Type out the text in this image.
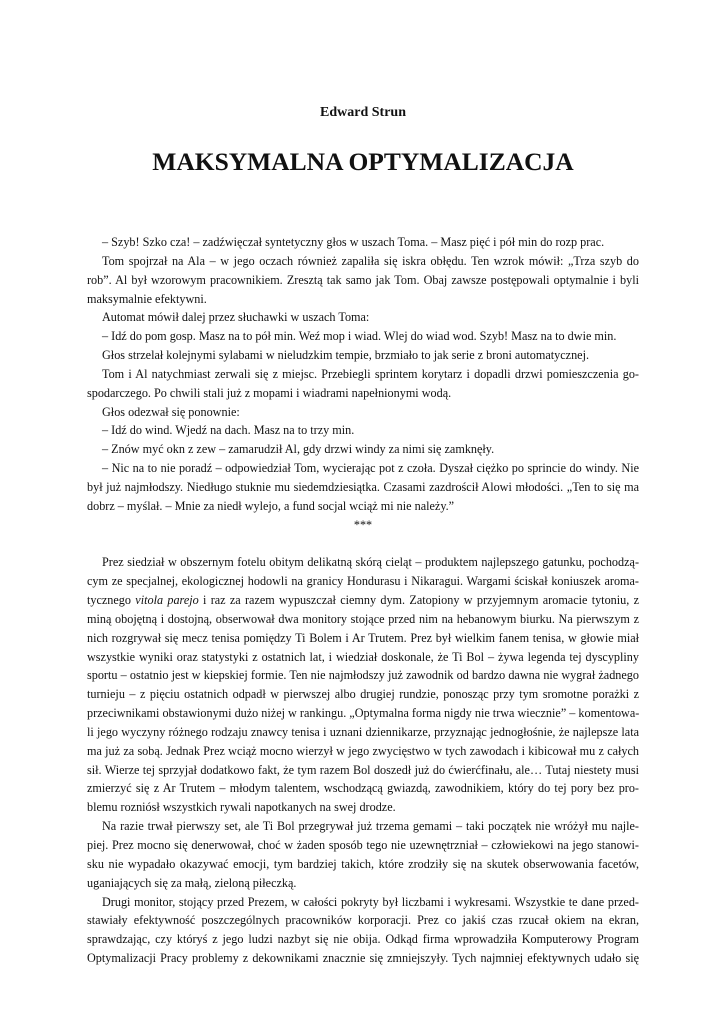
Edward Strun
MAKSYMALNA OPTYMALIZACJA
– Szyb! Szko cza! – zadźwięczał syntetyczny głos w uszach Toma. – Masz pięć i pół min do rozp prac.
Tom spojrzał na Ala – w jego oczach również zapaliła się iskra obłędu. Ten wzrok mówił: „Trza szyb do
rob”. Al był wzorowym pracownikiem. Zresztą tak samo jak Tom. Obaj zawsze postępowali optymalnie i byli
maksymalnie efektywni.
Automat mówił dalej przez słuchawki w uszach Toma:
– Idź do pom gosp. Masz na to pół min. Weź mop i wiad. Wlej do wiad wod. Szyb! Masz na to dwie min.
Głos strzelał kolejnymi sylabami w nieludzkim tempie, brzmiało to jak serie z broni automatycznej.
Tom i Al natychmiast zerwali się z miejsc. Przebiegli sprintem korytarz i dopadli drzwi pomieszczenia go-
spodarczego. Po chwili stali już z mopami i wiadrami napełnionymi wodą.
Głos odezwał się ponownie:
– Idź do wind. Wjedź na dach. Masz na to trzy min.
– Znów myć okn z zew – zamarudził Al, gdy drzwi windy za nimi się zamknęły.
– Nic na to nie poradź – odpowiedział Tom, wycierając pot z czoła. Dyszał ciężko po sprincie do windy. Nie
był już najmłodszy. Niedługo stuknie mu siedemdziesiątka. Czasami zazdrościł Alowi młodości. „Ten to się ma
dobrz – myślał. – Mnie za niedł wylejo, a fund socjal wciąż mi nie należy.”
***
Prez siedział w obszernym fotelu obitym delikatną skórą cieląt – produktem najlepszego gatunku, pochodzą-
cym ze specjalnej, ekologicznej hodowli na granicy Hondurasu i Nikaragui. Wargami ściskał koniuszek aroma-
tycznego vitola parejo i raz za razem wypuszczał ciemny dym. Zatopiony w przyjemnym aromacie tytoniu, z
miną obojętną i dostojną, obserwował dwa monitory stojące przed nim na hebanowym biurku. Na pierwszym z
nich rozgrywał się mecz tenisa pomiędzy Ti Bolem i Ar Trutem. Prez był wielkim fanem tenisa, w głowie miał
wszystkie wyniki oraz statystyki z ostatnich lat, i wiedział doskonale, że Ti Bol – żywa legenda tej dyscypliny
sportu – ostatnio jest w kiepskiej formie. Ten nie najmłodszy już zawodnik od bardzo dawna nie wygrał żadnego
turnieju – z pięciu ostatnich odpadł w pierwszej albo drugiej rundzie, ponosząc przy tym sromotne porażki z
przeciwnikami obstawionymi dużo niżej w rankingu. „Optymalna forma nigdy nie trwa wiecznie” – komentowa-
li jego wyczyny różnego rodzaju znawcy tenisa i uznani dziennikarze, przyznając jednogłośnie, że najlepsze lata
ma już za sobą. Jednak Prez wciąż mocno wierzył w jego zwycięstwo w tych zawodach i kibicował mu z całych
sił. Wierze tej sprzyjał dodatkowo fakt, że tym razem Bol doszedł już do ćwierćfinału, ale… Tutaj niestety musi
zmierzyć się z Ar Trutem – młodym talentem, wschodzącą gwiazdą, zawodnikiem, który do tej pory bez pro-
blemu rozniósł wszystkich rywali napotkanych na swej drodze.
Na razie trwał pierwszy set, ale Ti Bol przegrywał już trzema gemami – taki początek nie wróżył mu najle-
piej. Prez mocno się denerwował, choć w żaden sposób tego nie uzewnętrzniał – człowiekowi na jego stanowi-
sku nie wypadało okazywać emocji, tym bardziej takich, które zrodziły się na skutek obserwowania facetów,
uganiających się za małą, zieloną piłeczką.
Drugi monitor, stojący przed Prezem, w całości pokryty był liczbami i wykresami. Wszystkie te dane przed-
stawiały efektywność poszczególnych pracowników korporacji. Prez co jakiś czas rzucał okiem na ekran,
sprawdzając, czy któryś z jego ludzi nazbyt się nie obija. Odkąd firma wprowadziła Komputerowy Program
Optymalizacji Pracy problemy z dekownikami znacznie się zmniejszyły. Tych najmniej efektywnych udało się
